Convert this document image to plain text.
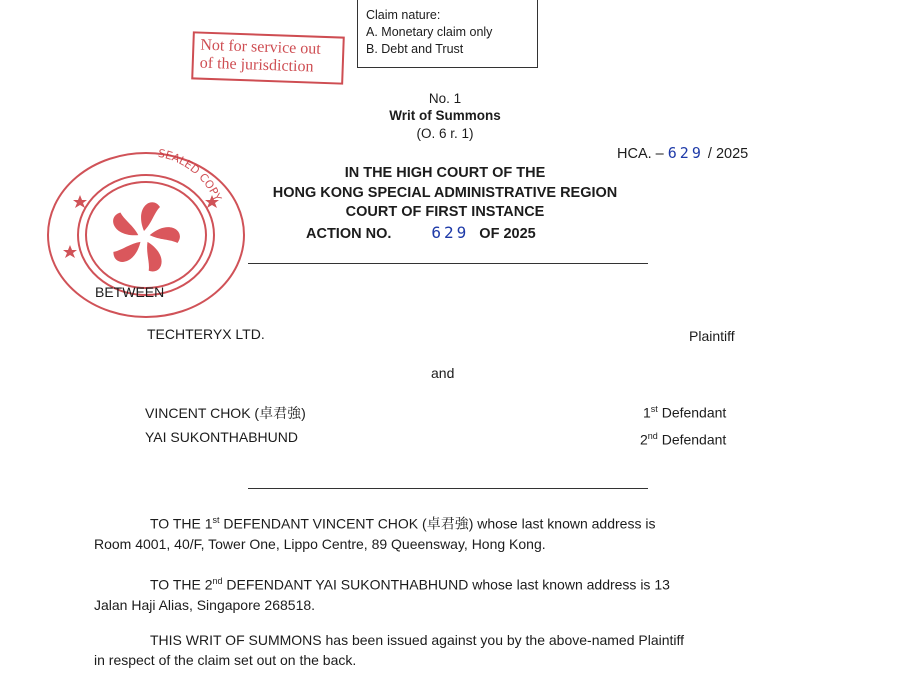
Claim nature:
A. Monetary claim only
B. Debt and Trust
Not for service out
of the jurisdiction
SEALED COPY
No. 1
Writ of Summons
(O. 6 r. 1)
HCA. – 629 / 2025
IN THE HIGH COURT OF THE
HONG KONG SPECIAL ADMINISTRATIVE REGION
COURT OF FIRST INSTANCE
ACTION NO.	629 OF 2025
BETWEEN
TECHTERYX LTD.	Plaintiff
and
VINCENT CHOK (卓君強)	1st Defendant
YAI SUKONTHABHUND	2nd Defendant
TO THE 1st DEFENDANT VINCENT CHOK (卓君強) whose last known address is
Room 4001, 40/F, Tower One, Lippo Centre, 89 Queensway, Hong Kong.
TO THE 2nd DEFENDANT YAI SUKONTHABHUND whose last known address is 13
Jalan Haji Alias, Singapore 268518.
THIS WRIT OF SUMMONS has been issued against you by the above-named Plaintiff
in respect of the claim set out on the back.
